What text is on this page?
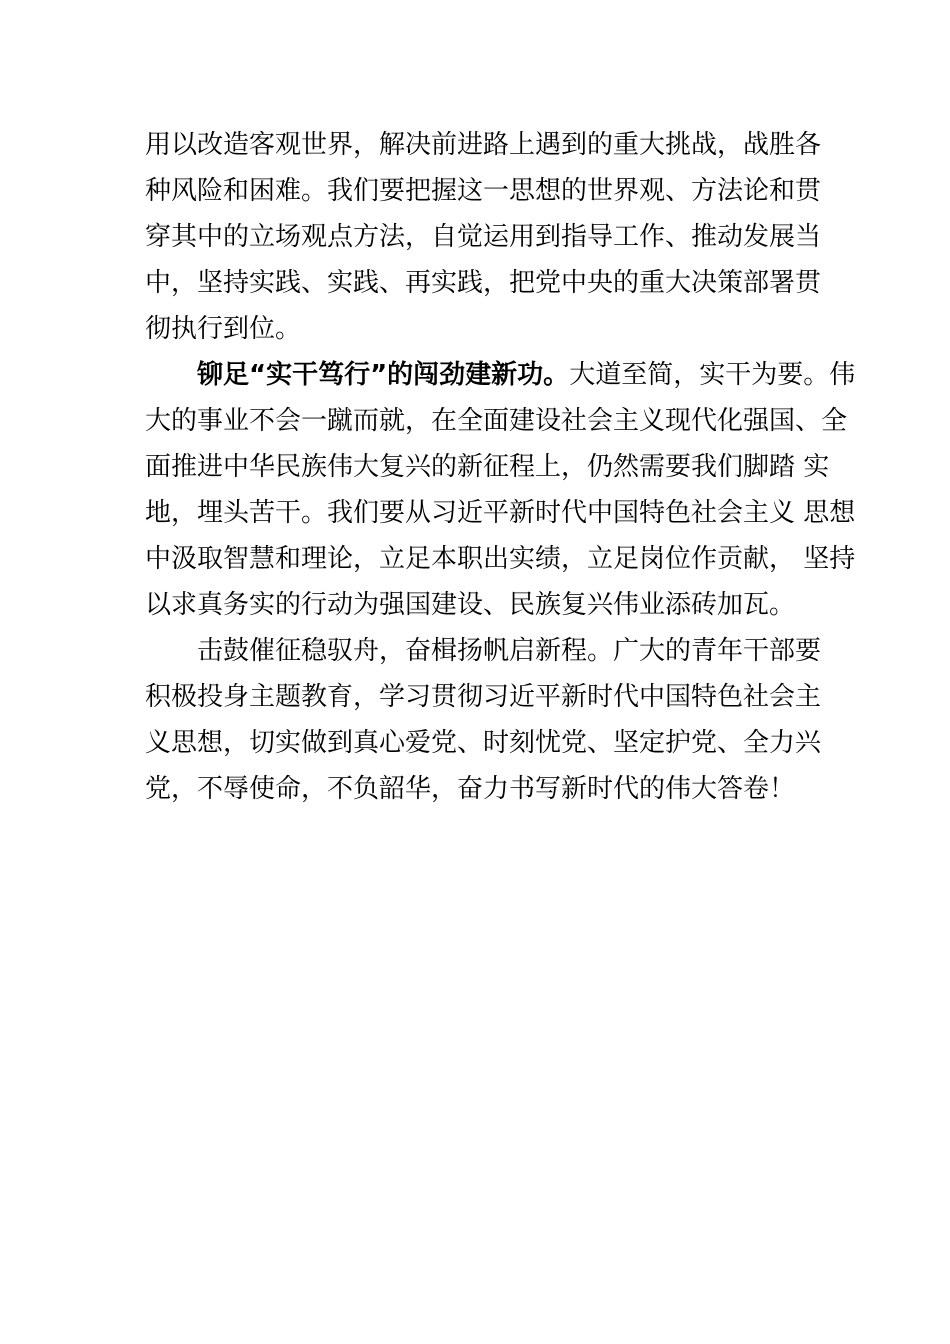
用以改造客观世界，解决前进路上遇到的重大挑战，战胜各
种风险和困难。我们要把握这一思想的世界观、方法论和贯
穿其中的立场观点方法，自觉运用到指导工作、推动发展当
中，坚持实践、实践、再实践，把党中央的重大决策部署贯
彻执行到位。
铆足“实干笃行”的闯劲建新功。大道至简，实干为要。伟
大的事业不会一蹴而就，在全面建设社会主义现代化强国、全
面推进中华民族伟大复兴的新征程上，仍然需要我们脚踏 实
地，埋头苦干。我们要从习近平新时代中国特色社会主义 思想
中汲取智慧和理论，立足本职出实绩，立足岗位作贡献， 坚持
以求真务实的行动为强国建设、民族复兴伟业添砖加瓦。
击鼓催征稳驭舟，奋楫扬帆启新程。广大的青年干部要
积极投身主题教育，学习贯彻习近平新时代中国特色社会主
义思想，切实做到真心爱党、时刻忧党、坚定护党、全力兴
党，不辱使命，不负韶华，奋力书写新时代的伟大答卷！
